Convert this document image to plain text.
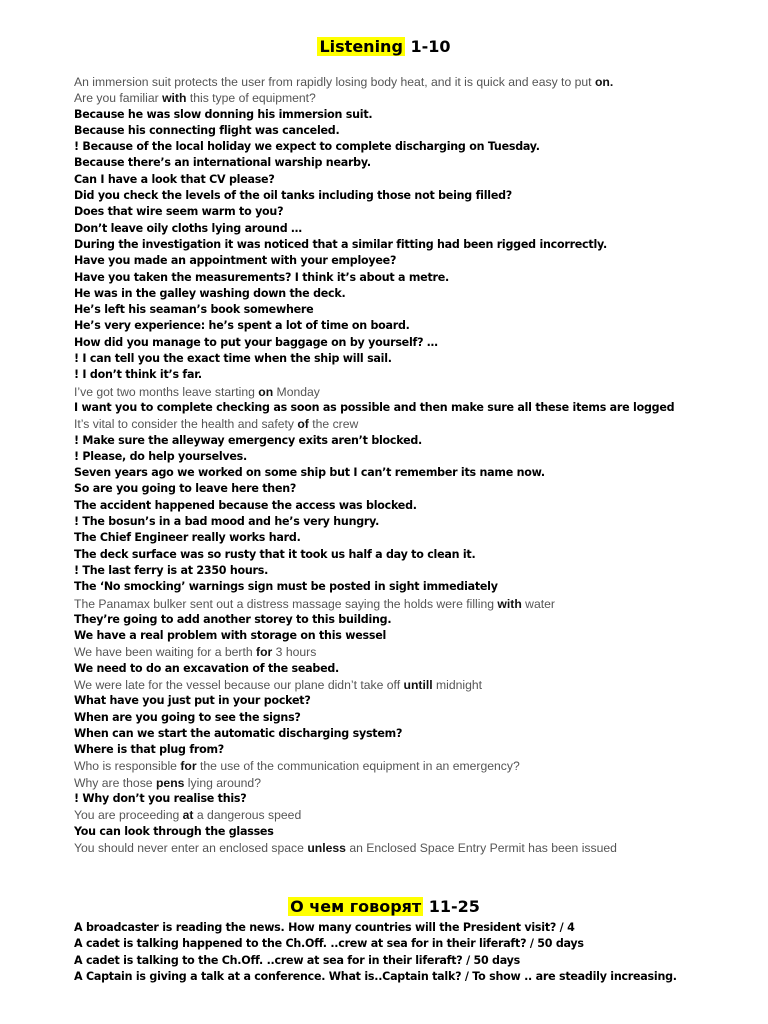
Listening 1-10
An immersion suit protects the user from rapidly losing body heat, and it is quick and easy to put on.
Are you familiar with this type of equipment?
Because he was slow donning his immersion suit.
Because his connecting flight was canceled.
! Because of the local holiday we expect to complete discharging on Tuesday.
Because there’s an international warship nearby.
Can I have a look that CV please?
Did you check the levels of the oil tanks including those not being filled?
Does that wire seem warm to you?
Don’t leave oily cloths lying around …
During the investigation it was noticed that a similar fitting had been rigged incorrectly.
Have you made an appointment with your employee?
Have you taken the measurements? I think it’s about a metre.
He was in the galley washing down the deck.
He’s left his seaman’s book somewhere
He’s very experience: he’s spent a lot of time on board.
How did you manage to put your baggage on by yourself? …
! I can tell you the exact time when the ship will sail.
! I don’t think it’s far.
I’ve got two months leave starting on Monday
I want you to complete checking as soon as possible and then make sure all these items are logged
It’s vital to consider the health and safety of the crew
! Make sure the alleyway emergency exits aren’t blocked.
! Please, do help yourselves.
Seven years ago we worked on some ship but I can’t remember its name now.
So are you going to leave here then?
The accident happened because the access was blocked.
! The bosun’s in a bad mood and he’s very hungry.
The Chief Engineer really works hard.
The deck surface was so rusty that it took us half a day to clean it.
! The last ferry is at 2350 hours.
The ‘No smocking’ warnings sign must be posted in sight immediately
The Panamax bulker sent out a distress massage saying the holds were filling with water
They’re going to add another storey to this building.
We have a real problem with storage on this wessel
We have been waiting for a berth for 3 hours
We need to do an excavation of the seabed.
We were late for the vessel because our plane didn’t take off untill midnight
What have you just put in your pocket?
When are you going to see the signs?
When can we start the automatic discharging system?
Where is that plug from?
Who is responsible for the use of the communication equipment in an emergency?
Why are those pens lying around?
! Why don’t you realise this?
You are proceeding at a dangerous speed
You can look through the glasses
You should never enter an enclosed space unless an Enclosed Space Entry Permit has been issued
О чем говорят 11-25
A broadcaster is reading the news. How many countries will the President visit? / 4
A cadet is talking happened to the Ch.Off. ..crew at sea for in their liferaft? / 50 days
A cadet is talking to the Ch.Off. ..crew at sea for in their liferaft? / 50 days
A Captain is giving a talk at a conference. What is..Captain talk? / To show .. are steadily increasing.
